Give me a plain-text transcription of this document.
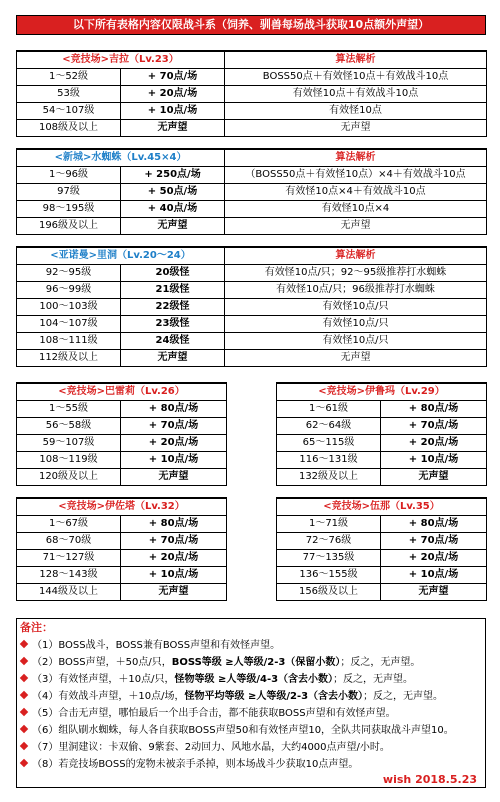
以下所有表格内容仅限战斗系（饲养、驯兽每场战斗获取10点额外声望）
<竞技场>吉拉（Lv.23）		算法解析
1～52级	+ 70点/场	BOSS50点＋有效怪10点＋有效战斗10点
53级	+ 20点/场	有效怪10点＋有效战斗10点
54～107级	+ 10点/场	有效怪10点
108级及以上	无声望	无声望
<新城>水蜘蛛（Lv.45×4）		算法解析
1～96级	+ 250点/场	（BOSS50点＋有效怪10点）×4＋有效战斗10点
97级	+ 50点/场	有效怪10点×4＋有效战斗10点
98～195级	+ 40点/场	有效怪10点×4
196级及以上	无声望	无声望
<亚诺曼>里洞（Lv.20～24）		算法解析
92～95级	20级怪	有效怪10点/只；92～95级推荐打水蜘蛛
96～99级	21级怪	有效怪10点/只；96级推荐打水蜘蛛
100～103级	22级怪	有效怪10点/只
104～107级	23级怪	有效怪10点/只
108～111级	24级怪	有效怪10点/只
112级及以上	无声望	无声望
<竞技场>巴雷莉（Lv.26）	
1～55级	+ 80点/场
56～58级	+ 70点/场
59～107级	+ 20点/场
108～119级	+ 10点/场
120级及以上	无声望
<竞技场>伊鲁玛（Lv.29）	
1～61级	+ 80点/场
62～64级	+ 70点/场
65～115级	+ 20点/场
116～131级	+ 10点/场
132级及以上	无声望
<竞技场>伊佐塔（Lv.32）	
1～67级	+ 80点/场
68～70级	+ 70点/场
71～127级	+ 20点/场
128～143级	+ 10点/场
144级及以上	无声望
<竞技场>伍那（Lv.35）	
1～71级	+ 80点/场
72～76级	+ 70点/场
77～135级	+ 20点/场
136～155级	+ 10点/场
156级及以上	无声望
备注：
（1）BOSS战斗，BOSS兼有BOSS声望和有效怪声望。
（2）BOSS声望，＋50点/只，BOSS等级 ≥人等级/2-3（保留小数）；反之，无声望。
（3）有效怪声望，＋10点/只，怪物等级 ≥人等级/4-3（含去小数）；反之，无声望。
（4）有效战斗声望，＋10点/场，怪物平均等级 ≥人等级/2-3（含去小数）；反之，无声望。
（5）合击无声望，哪怕最后一个出手合击，都不能获取BOSS声望和有效怪声望。
（6）组队刷水蜘蛛，每人各自获取BOSS声望50和有效怪声望10，全队共同获取战斗声望10。
（7）里洞建议：卡双偷、9紫套、2动回力、风地水晶，大约4000点声望/小时。
（8）若竞技场BOSS的宠物未被亲手杀掉，则本场战斗少获取10点声望。
wish 2018.5.23
